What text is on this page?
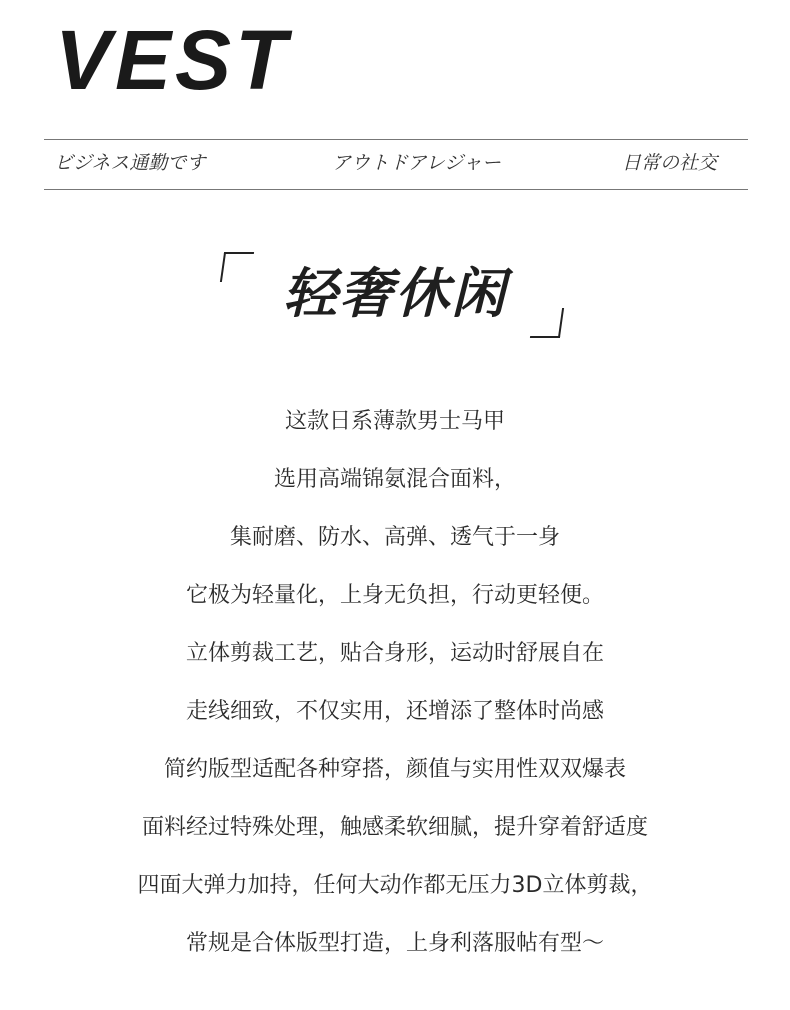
VEST
ビジネス通勤です	アウトドアレジャー	日常の社交
轻奢休闲
这款日系薄款男士马甲
选用高端锦氨混合面料，
集耐磨、防水、高弹、透气于一身
它极为轻量化，上身无负担，行动更轻便。
立体剪裁工艺，贴合身形，运动时舒展自在
走线细致，不仅实用，还增添了整体时尚感
简约版型适配各种穿搭，颜值与实用性双双爆表
面料经过特殊处理，触感柔软细腻，提升穿着舒适度
四面大弹力加持，任何大动作都无压力3D立体剪裁，
常规是合体版型打造，上身利落服帖有型～
